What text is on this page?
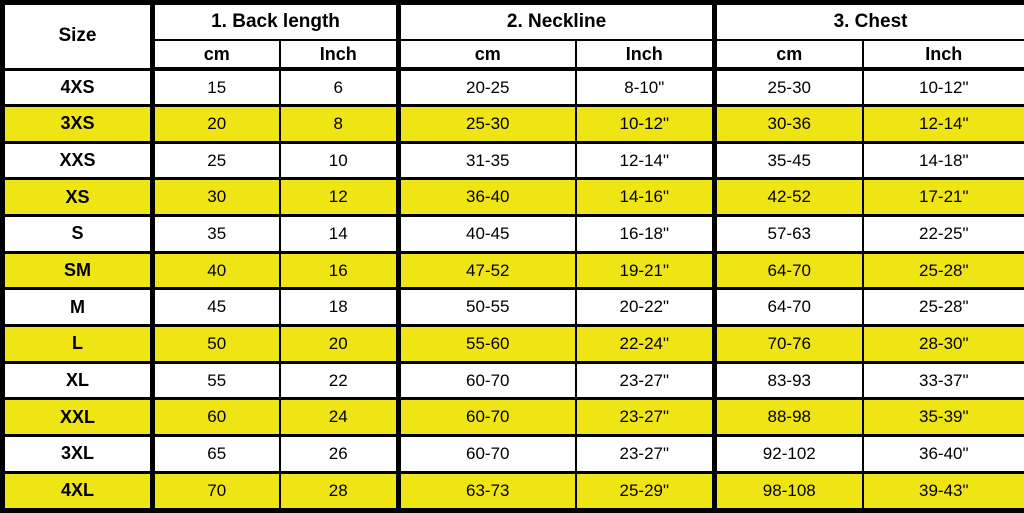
Size	1. Back length		2. Neckline		3. Chest	
	cm	Inch	cm	Inch	cm	Inch
4XS	15	6	20-25	8-10"	25-30	10-12"
3XS	20	8	25-30	10-12"	30-36	12-14"
XXS	25	10	31-35	12-14"	35-45	14-18"
XS	30	12	36-40	14-16"	42-52	17-21"
S	35	14	40-45	16-18"	57-63	22-25"
SM	40	16	47-52	19-21"	64-70	25-28"
M	45	18	50-55	20-22"	64-70	25-28"
L	50	20	55-60	22-24"	70-76	28-30"
XL	55	22	60-70	23-27"	83-93	33-37"
XXL	60	24	60-70	23-27"	88-98	35-39"
3XL	65	26	60-70	23-27"	92-102	36-40"
4XL	70	28	63-73	25-29"	98-108	39-43"
